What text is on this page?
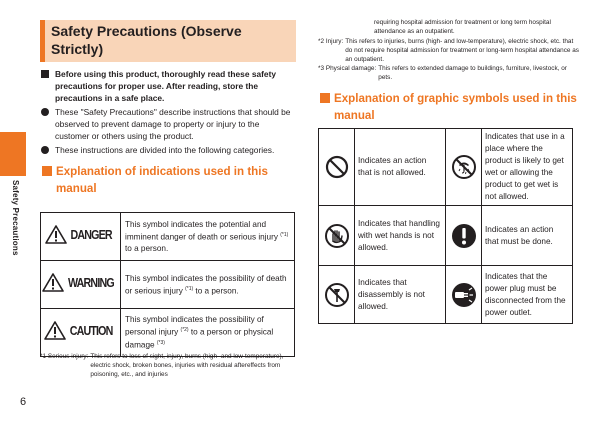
Safety Precautions
6
Safety Precautions (Observe Strictly)
Before using this product, thoroughly read these safety precautions for proper use. After reading, store the precautions in a safe place.
These "Safety Precautions" describe instructions that should be observed to prevent damage to property or injury to the customer or others using the product.
These instructions are divided into the following categories.
Explanation of indications used in this manual
DANGER	This symbol indicates the potential and imminent danger of death or serious injury $^{(*1)}$ to a person.

WARNING	This symbol indicates the possibility of death or serious injury $^{(*1)}$ to a person.

CAUTION	This symbol indicates the possibility of personal injury $^{(*2)}$ to a person or physical damage $^{(*3)}$
*1 Serious injury: This refers to loss of sight, injury, burns (high- and low-temperature), electric shock, broken bones, injuries with residual aftereffects from poisoning, etc., and injuries
requiring hospital admission for treatment or long term hospital attendance as an outpatient.
*2 Injury: This refers to injuries, burns (high- and low-temperature), electric shock, etc. that do not require hospital admission for treatment or long-term hospital attendance as an outpatient.
*3 Physical damage: This refers to extended damage to buildings, furniture, livestock, or pets.
Explanation of graphic symbols used in this manual
	Indicates an action that is not allowed.		Indicates that use in a place where the product is likely to get wet or allowing the product to get wet is not allowed.

	Indicates that handling with wet hands is not allowed.		Indicates an action that must be done.

	Indicates that disassembly is not allowed.		Indicates that the power plug must be disconnected from the power outlet.
